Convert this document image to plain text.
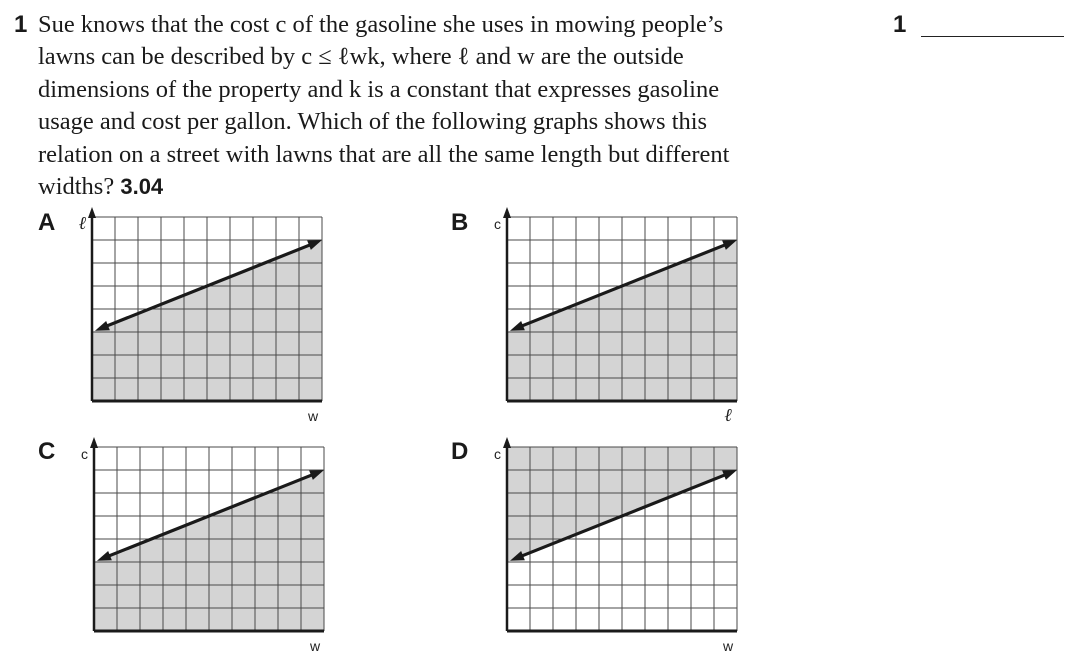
1 Sue knows that the cost c of the gasoline she uses in mowing people’s
lawns can be described by c ≤ ℓwk, where ℓ and w are the outside
dimensions of the property and k is a constant that expresses gasoline
usage and cost per gallon. Which of the following graphs shows this
relation on a street with lawns that are all the same length but different
widths? 3.04
1
A	B
C	D
ℓ
w
c
ℓ
c
w
c
w
